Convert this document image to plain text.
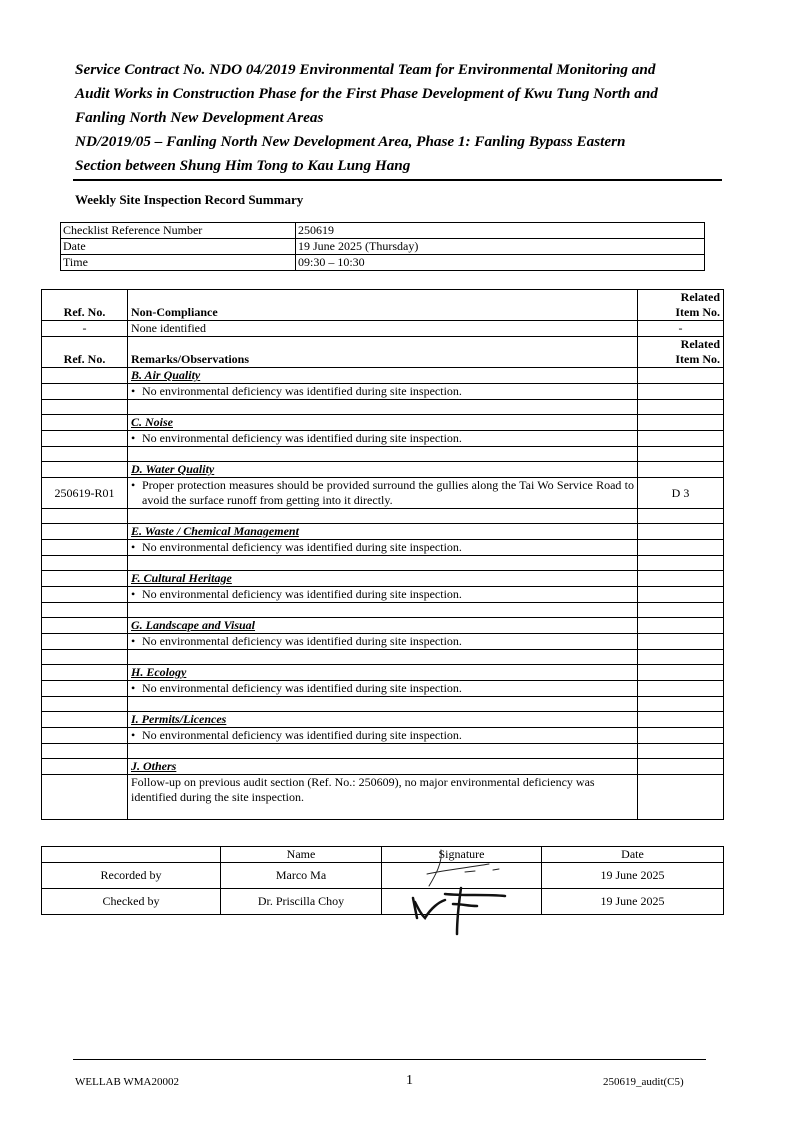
Service Contract No. NDO 04/2019 Environmental Team for Environmental Monitoring and
Audit Works in Construction Phase for the First Phase Development of Kwu Tung North and
Fanling North New Development Areas
ND/2019/05 – Fanling North New Development Area, Phase 1: Fanling Bypass Eastern
Section between Shung Him Tong to Kau Lung Hang
Weekly Site Inspection Record Summary
Checklist Reference Number	250619
Date	19 June 2025 (Thursday)
Time	09:30 – 10:30
Ref. No.	Non-Compliance	Related
Item No.

-	None identified	-
Ref. No.	Remarks/Observations	Related
Item No.

	B. Air Quality	

	• No environmental deficiency was identified during site inspection.	

	C. Noise	

	• No environmental deficiency was identified during site inspection.	

	D. Water Quality	
250619-R01	• Proper protection measures should be provided surround the gullies along the Tai Wo Service Road to avoid the surface runoff from getting into it directly.	D 3

	E. Waste / Chemical Management	

	• No environmental deficiency was identified during site inspection.	

	F. Cultural Heritage	

	• No environmental deficiency was identified during site inspection.	

	G. Landscape and Visual	

	• No environmental deficiency was identified during site inspection.	

	H. Ecology	

	• No environmental deficiency was identified during site inspection.	

	I. Permits/Licences	

	• No environmental deficiency was identified during site inspection.	

	J. Others	
	Follow-up on previous audit section (Ref. No.: 250609), no major environmental deficiency was identified during the site inspection.	
	Name	Signature	Date
Recorded by	Marco Ma		19 June 2025
Checked by	Dr. Priscilla Choy		19 June 2025
WELLAB WMA20002	1	250619_audit(C5)
